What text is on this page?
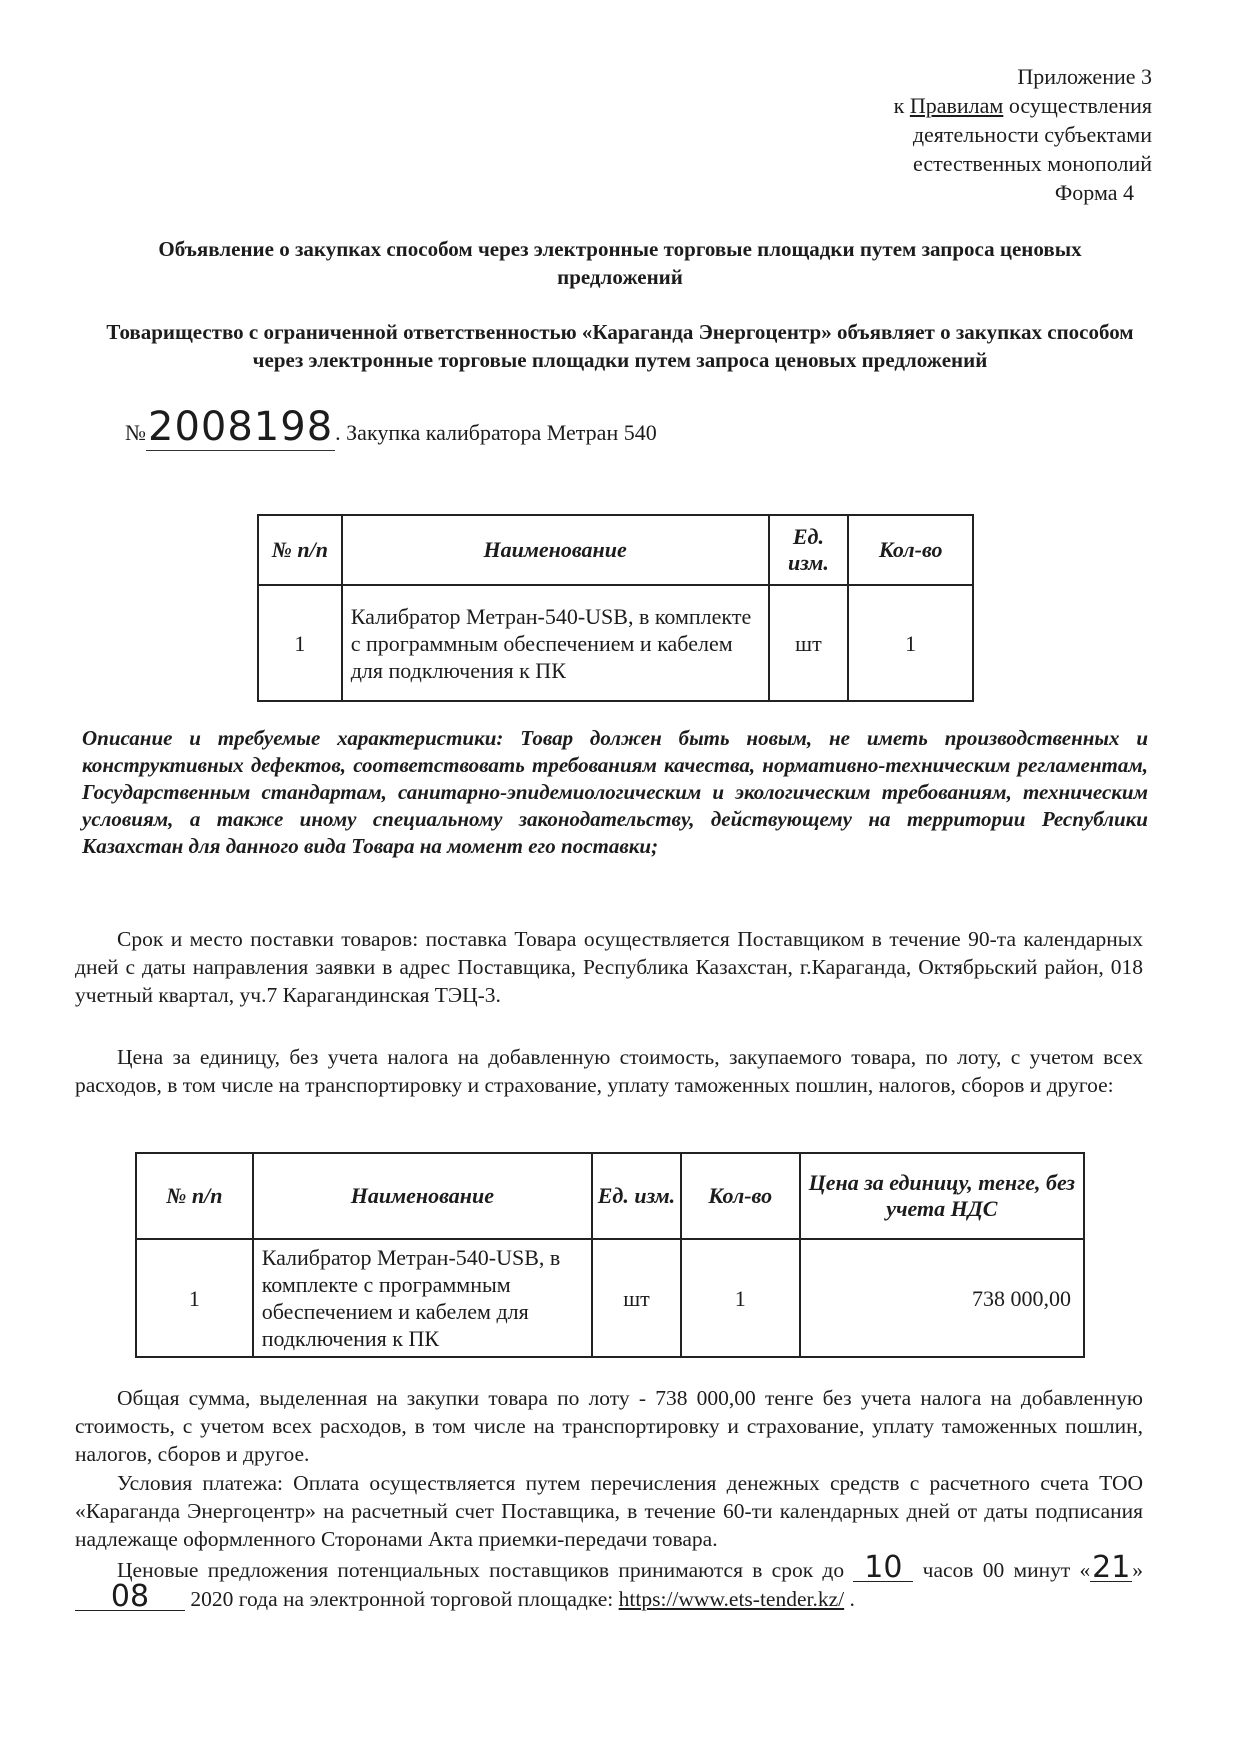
Приложение 3
к Правилам осуществления
деятельности субъектами
естественных монополий
Форма 4
Объявление о закупках способом через электронные торговые площадки путем запроса ценовых предложений
Товарищество с ограниченной ответственностью «Караганда Энергоцентр» объявляет о закупках способом через электронные торговые площадки путем запроса ценовых предложений
№2008198. Закупка калибратора Метран 540
№ п/п	Наименование	Ед. изм.	Кол-во
1	Калибратор Метран-540-USB, в комплекте с программным обеспечением и кабелем для подключения к ПК	шт	1
Описание и требуемые характеристики: Товар должен быть новым, не иметь производственных и конструктивных дефектов, соответствовать требованиям качества, нормативно-техническим регламентам, Государственным стандартам, санитарно-эпидемиологическим и экологическим требованиям, техническим условиям, а также иному специальному законодательству, действующему на территории Республики Казахстан для данного вида Товара на момент его поставки;
Срок и место поставки товаров: поставка Товара осуществляется Поставщиком в течение 90-та календарных дней с даты направления заявки в адрес Поставщика, Республика Казахстан, г.Караганда, Октябрьский район, 018 учетный квартал, уч.7 Карагандинская ТЭЦ-3.
Цена за единицу, без учета налога на добавленную стоимость, закупаемого товара, по лоту, с учетом всех расходов, в том числе на транспортировку и страхование, уплату таможенных пошлин, налогов, сборов и другое:
№ п/п	Наименование	Ед. изм.	Кол-во	Цена за единицу, тенге, без учета НДС
1	Калибратор Метран-540-USB, в комплекте с программным обеспечением и кабелем для подключения к ПК	шт	1	738 000,00
Общая сумма, выделенная на закупки товара по лоту - 738 000,00 тенге без учета налога на добавленную стоимость, с учетом всех расходов, в том числе на транспортировку и страхование, уплату таможенных пошлин, налогов, сборов и другое.
Условия платежа: Оплата осуществляется путем перечисления денежных средств с расчетного счета ТОО «Караганда Энергоцентр» на расчетный счет Поставщика, в течение 60-ти календарных дней от даты подписания надлежаще оформленного Сторонами Акта приемки-передачи товара.
Ценовые предложения потенциальных поставщиков принимаются в срок до 10 часов 00 минут «21» 08 2020 года на электронной торговой площадке: https://www.ets-tender.kz/ .
